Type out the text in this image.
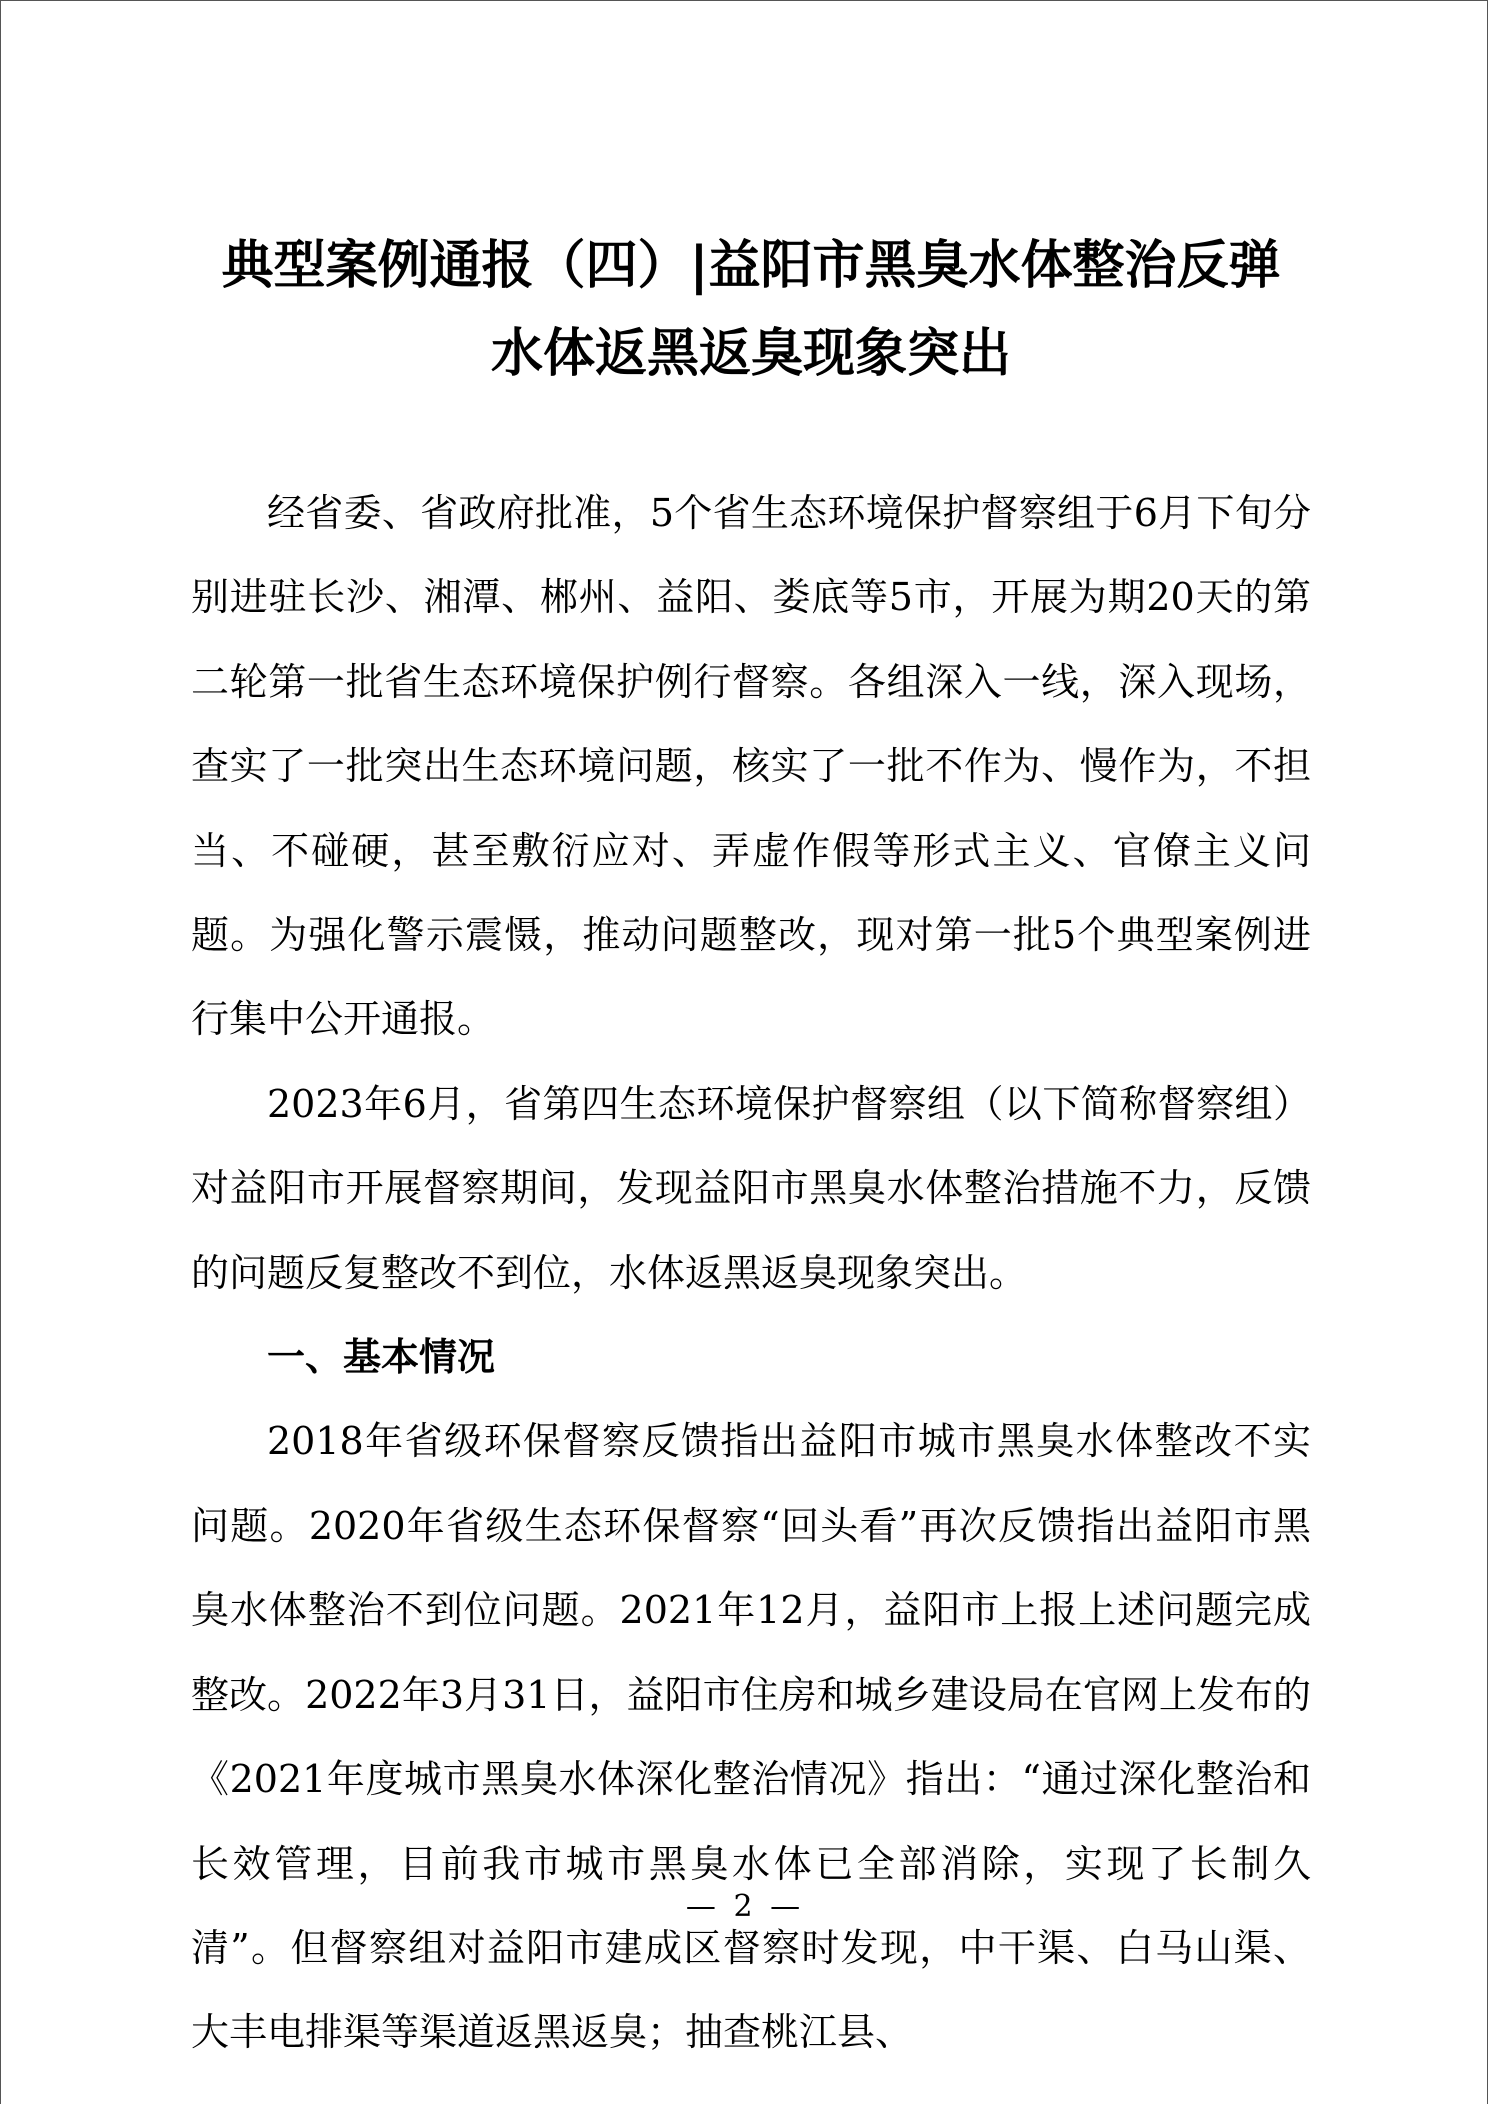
典型案例通报（四）|益阳市黑臭水体整治反弹
水体返黑返臭现象突出

经省委、省政府批准，5个省生态环境保护督察组于6月下旬分别进驻长沙、湘潭、郴州、益阳、娄底等5市，开展为期20天的第二轮第一批省生态环境保护例行督察。各组深入一线，深入现场，查实了一批突出生态环境问题，核实了一批不作为、慢作为，不担当、不碰硬，甚至敷衍应对、弄虚作假等形式主义、官僚主义问题。为强化警示震慑，推动问题整改，现对第一批5个典型案例进行集中公开通报。

2023年6月，省第四生态环境保护督察组（以下简称督察组）对益阳市开展督察期间，发现益阳市黑臭水体整治措施不力，反馈的问题反复整改不到位，水体返黑返臭现象突出。

一、基本情况

2018年省级环保督察反馈指出益阳市城市黑臭水体整改不实问题。2020年省级生态环保督察“回头看”再次反馈指出益阳市黑臭水体整治不到位问题。2021年12月，益阳市上报上述问题完成整改。2022年3月31日，益阳市住房和城乡建设局在官网上发布的《2021年度城市黑臭水体深化整治情况》指出：“通过深化整治和长效管理，目前我市城市黑臭水体已全部消除，实现了长制久清”。但督察组对益阳市建成区督察时发现，中干渠、白马山渠、大丰电排渠等渠道返黑返臭；抽查桃江县、

— 2 —
